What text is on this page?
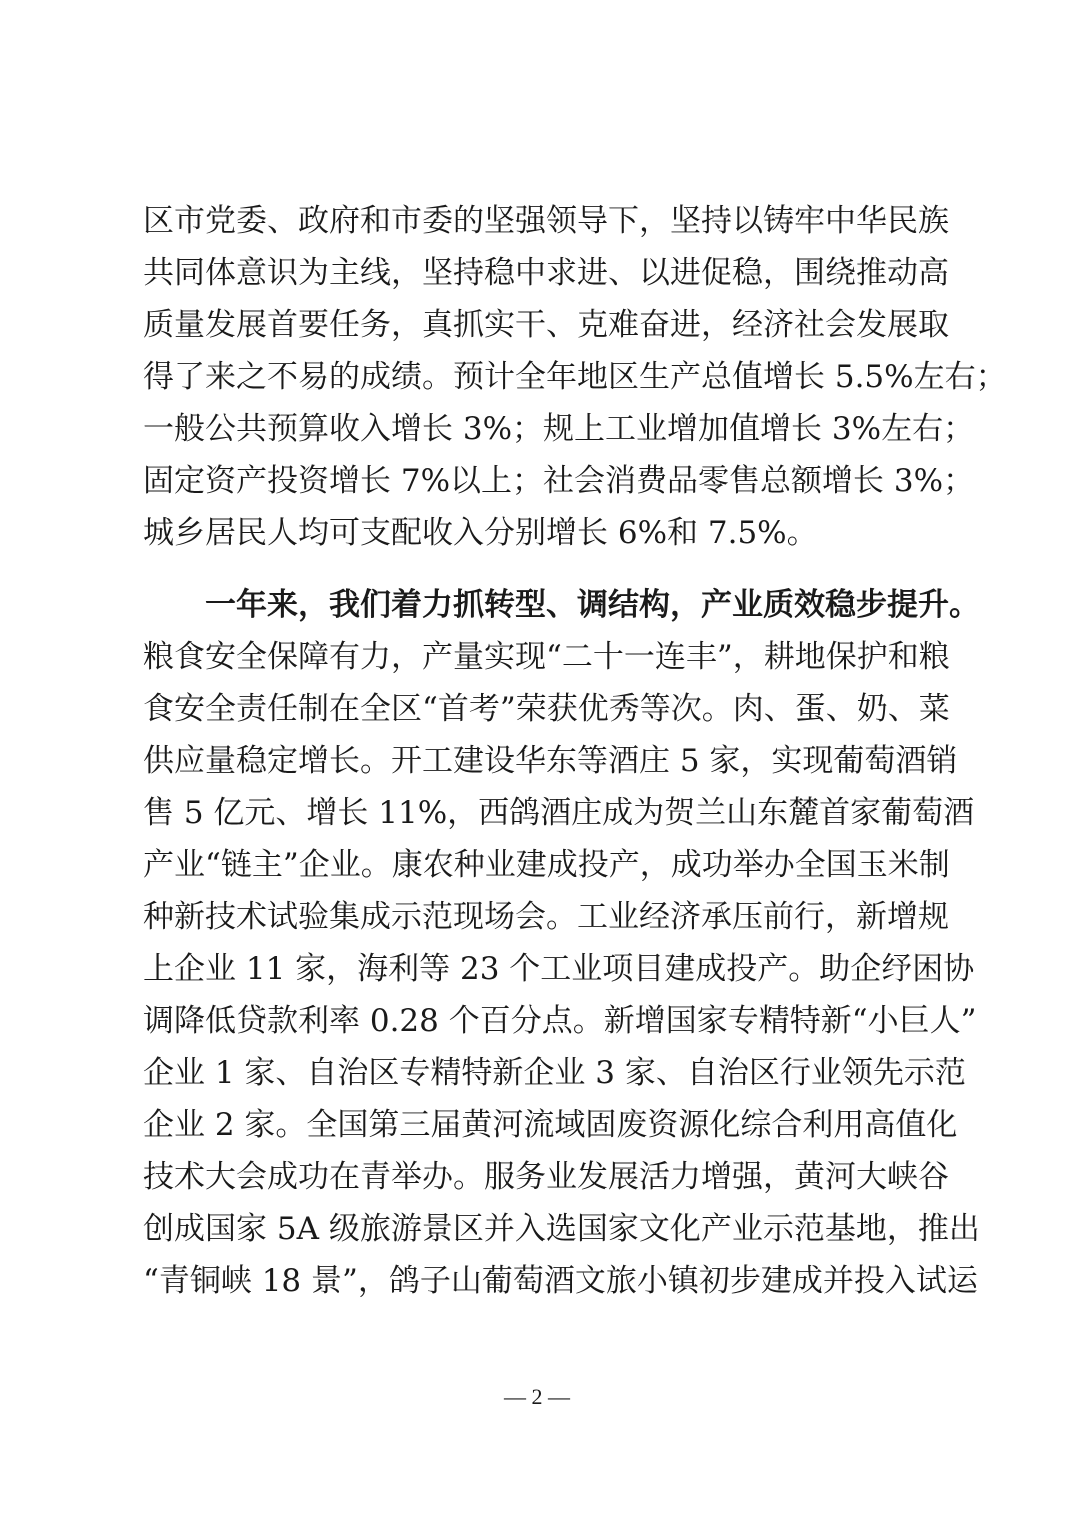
区市党委、政府和市委的坚强领导下，坚持以铸牢中华民族
共同体意识为主线，坚持稳中求进、以进促稳，围绕推动高
质量发展首要任务，真抓实干、克难奋进，经济社会发展取
得了来之不易的成绩。预计全年地区生产总值增长 5.5%左右；
一般公共预算收入增长 3%；规上工业增加值增长 3%左右；
固定资产投资增长 7%以上；社会消费品零售总额增长 3%；
城乡居民人均可支配收入分别增长 6%和 7.5%。
一年来，我们着力抓转型、调结构，产业质效稳步提升。
粮食安全保障有力，产量实现“二十一连丰”，耕地保护和粮
食安全责任制在全区“首考”荣获优秀等次。肉、蛋、奶、菜
供应量稳定增长。开工建设华东等酒庄 5 家，实现葡萄酒销
售 5 亿元、增长 11%，西鸽酒庄成为贺兰山东麓首家葡萄酒
产业“链主”企业。康农种业建成投产，成功举办全国玉米制
种新技术试验集成示范现场会。工业经济承压前行，新增规
上企业 11 家，海利等 23 个工业项目建成投产。助企纾困协
调降低贷款利率 0.28 个百分点。新增国家专精特新“小巨人”
企业 1 家、自治区专精特新企业 3 家、自治区行业领先示范
企业 2 家。全国第三届黄河流域固废资源化综合利用高值化
技术大会成功在青举办。服务业发展活力增强，黄河大峡谷
创成国家 5A 级旅游景区并入选国家文化产业示范基地，推出
“青铜峡 18 景”，鸽子山葡萄酒文旅小镇初步建成并投入试运
— 2 —
